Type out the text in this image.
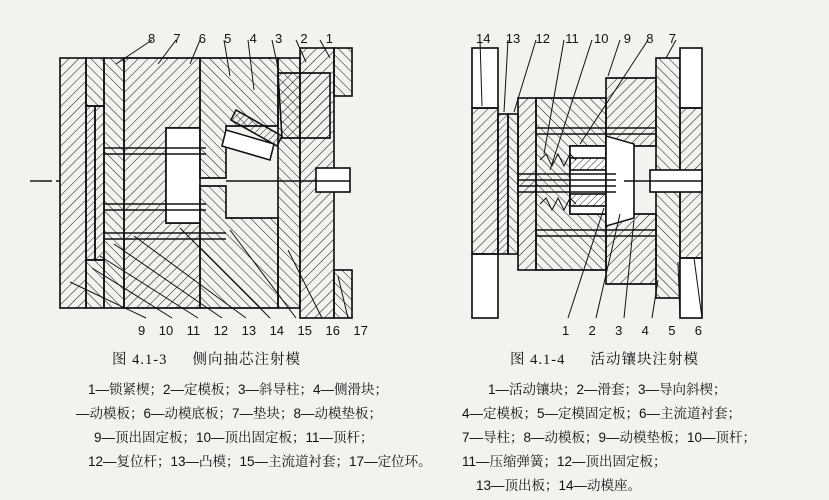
8 7 6 5 4 3 2 1
9 10 11 12 13 14 15 16 17
14 13 12 11 10 9 8 7
1 2 3 4 5 6
图 4.1-3 侧向抽芯注射模	图 4.1-4 活动镶块注射模
1—锁紧楔；2—定模板；3—斜导柱；4—侧滑块；
—动模板；6—动模底板；7—垫块；8—动模垫板；
9—顶出固定板；10—顶出固定板；11—顶杆；
12—复位杆；13—凸模；15—主流道衬套；17—定位环。
1—活动镶块；2—滑套；3—导向斜楔；
4—定模板；5—定模固定板；6—主流道衬套；
7—导柱；8—动模板；9—动模垫板；10—顶杆；
11—压缩弹簧；12—顶出固定板；
13—顶出板；14—动模座。
